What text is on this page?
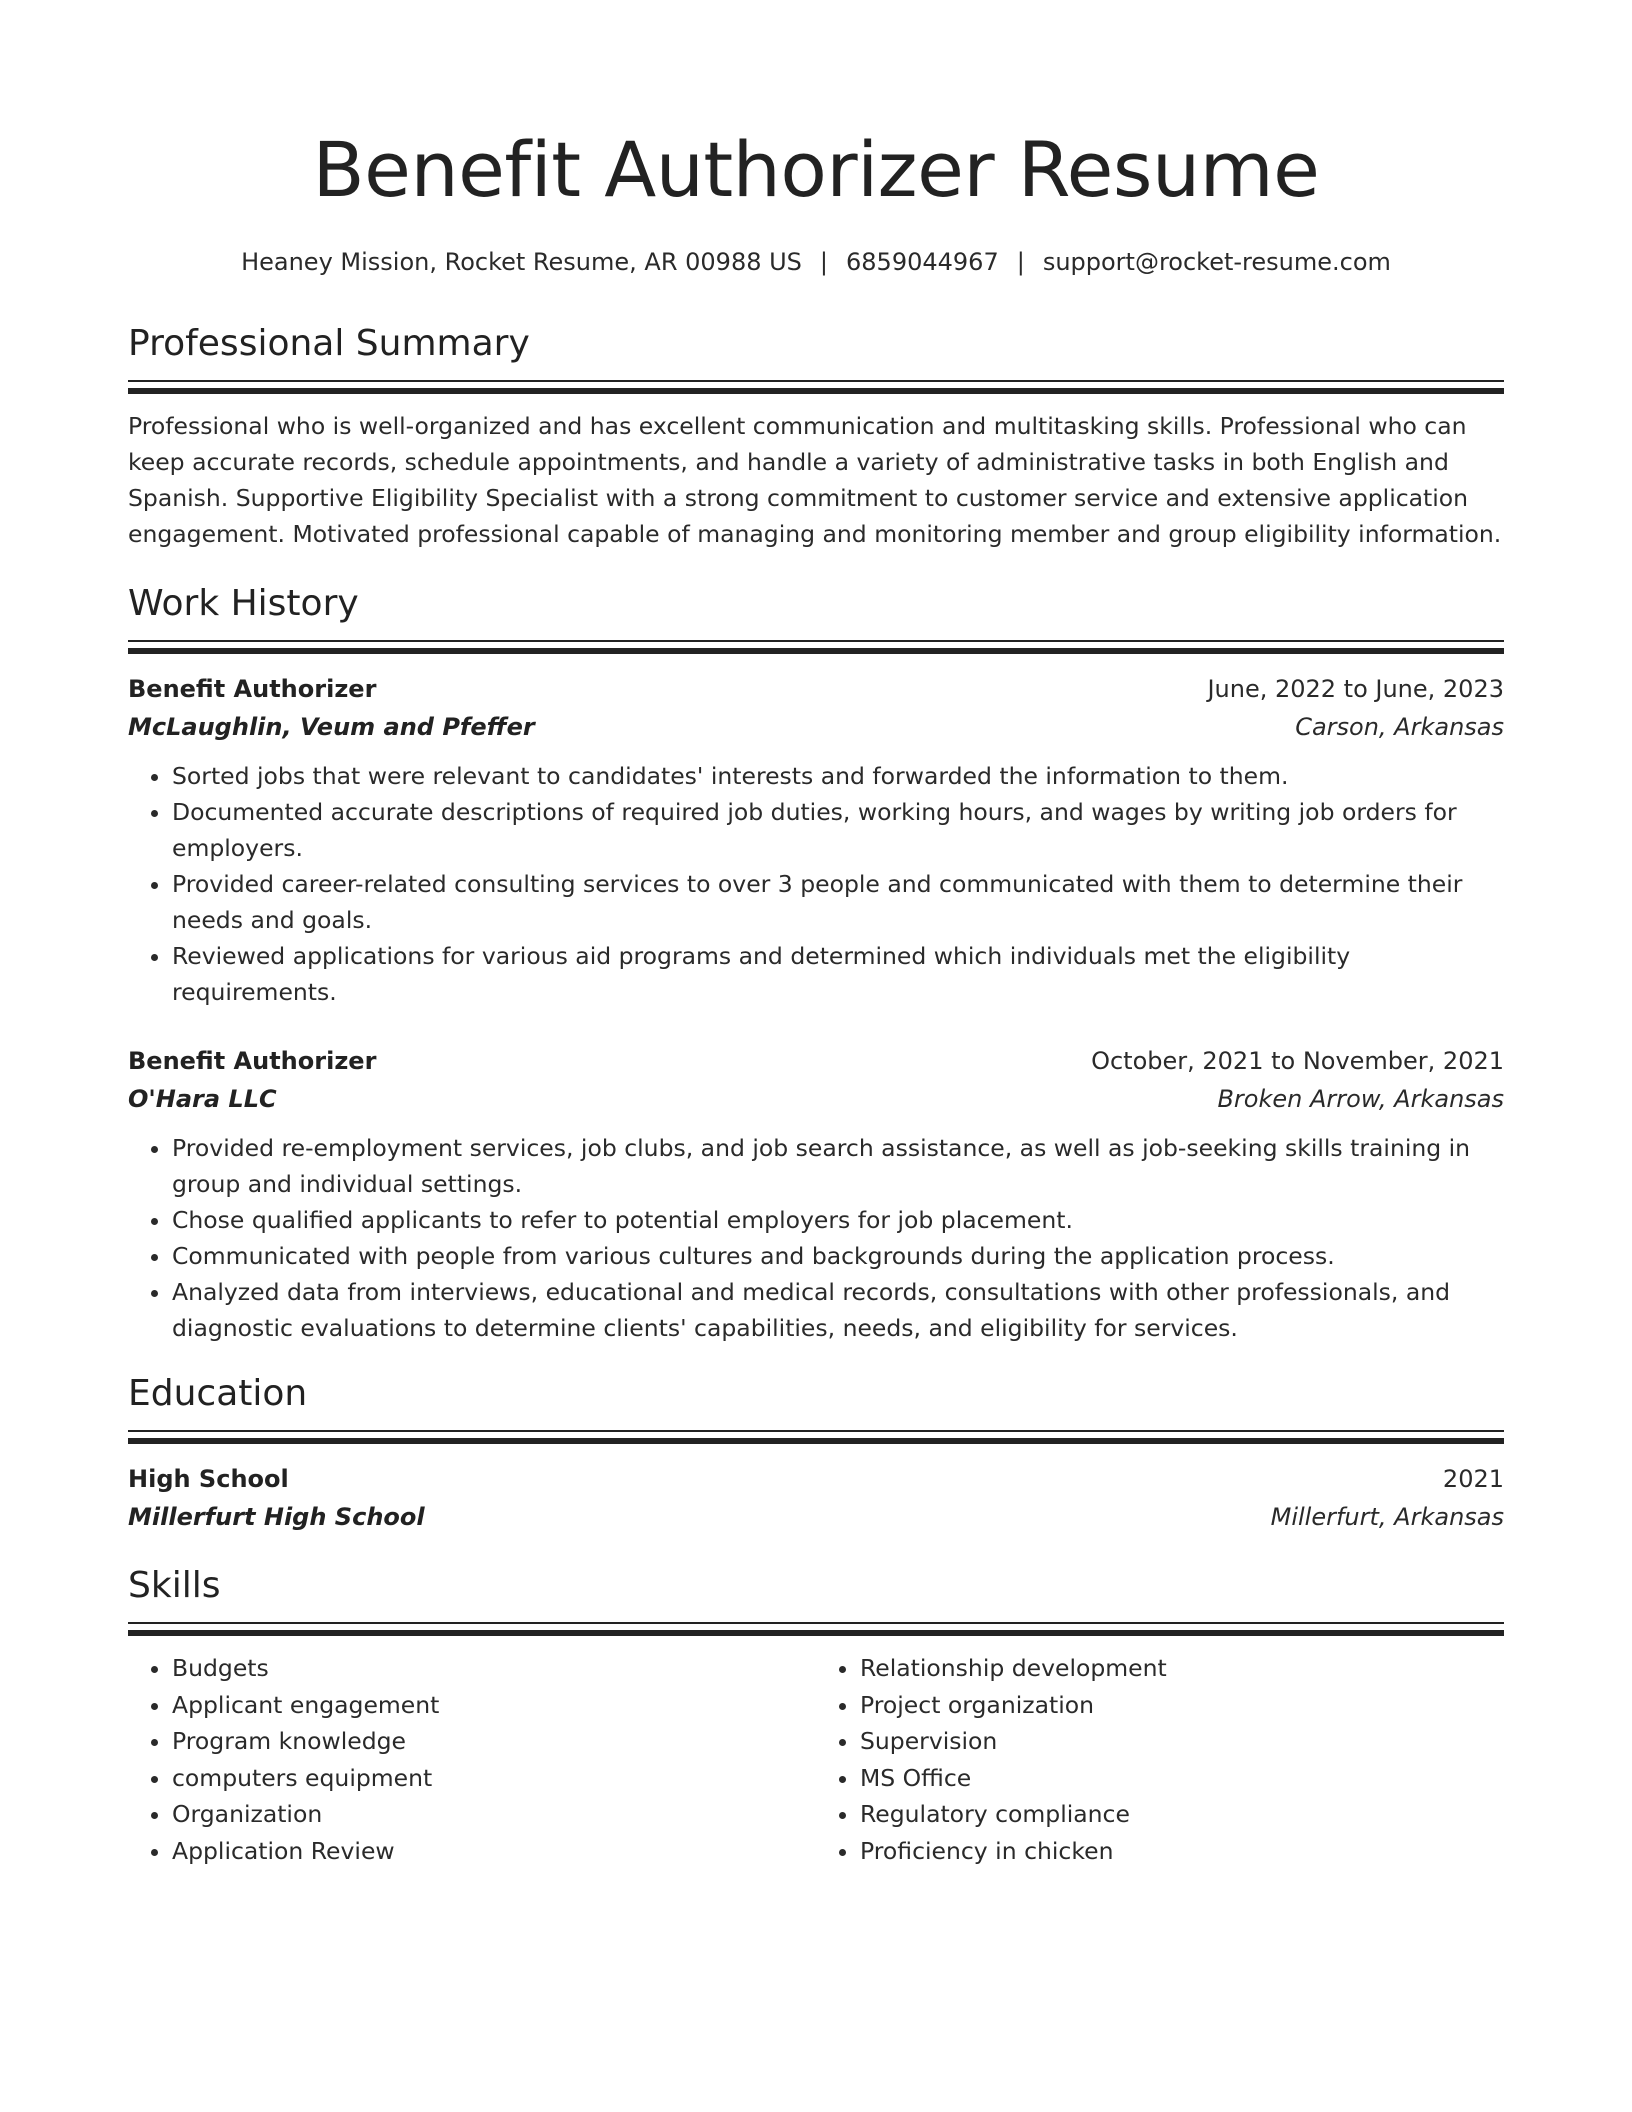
Benefit Authorizer Resume
Heaney Mission, Rocket Resume, AR 00988 US | 6859044967 | support@rocket-resume.com
Professional Summary

Professional who is well-organized and has excellent communication and multitasking skills. Professional who can keep accurate records, schedule appointments, and handle a variety of administrative tasks in both English and Spanish. Supportive Eligibility Specialist with a strong commitment to customer service and extensive application engagement. Motivated professional capable of managing and monitoring member and group eligibility information.

Work History
Benefit Authorizer	June, 2022 to June, 2023
McLaughlin, Veum and Pfeffer	Carson, Arkansas
• Sorted jobs that were relevant to candidates' interests and forwarded the information to them.
• Documented accurate descriptions of required job duties, working hours, and wages by writing job orders for employers.
• Provided career-related consulting services to over 3 people and communicated with them to determine their needs and goals.
• Reviewed applications for various aid programs and determined which individuals met the eligibility requirements.
Benefit Authorizer	October, 2021 to November, 2021
O'Hara LLC	Broken Arrow, Arkansas
• Provided re-employment services, job clubs, and job search assistance, as well as job-seeking skills training in group and individual settings.
• Chose qualified applicants to refer to potential employers for job placement.
• Communicated with people from various cultures and backgrounds during the application process.
• Analyzed data from interviews, educational and medical records, consultations with other professionals, and diagnostic evaluations to determine clients' capabilities, needs, and eligibility for services.
Education
High School	2021
Millerfurt High School	Millerfurt, Arkansas
Skills
• Budgets
• Applicant engagement
• Program knowledge
• computers equipment
• Organization
• Application Review
• Relationship development
• Project organization
• Supervision
• MS Office
• Regulatory compliance
• Proficiency in chicken
